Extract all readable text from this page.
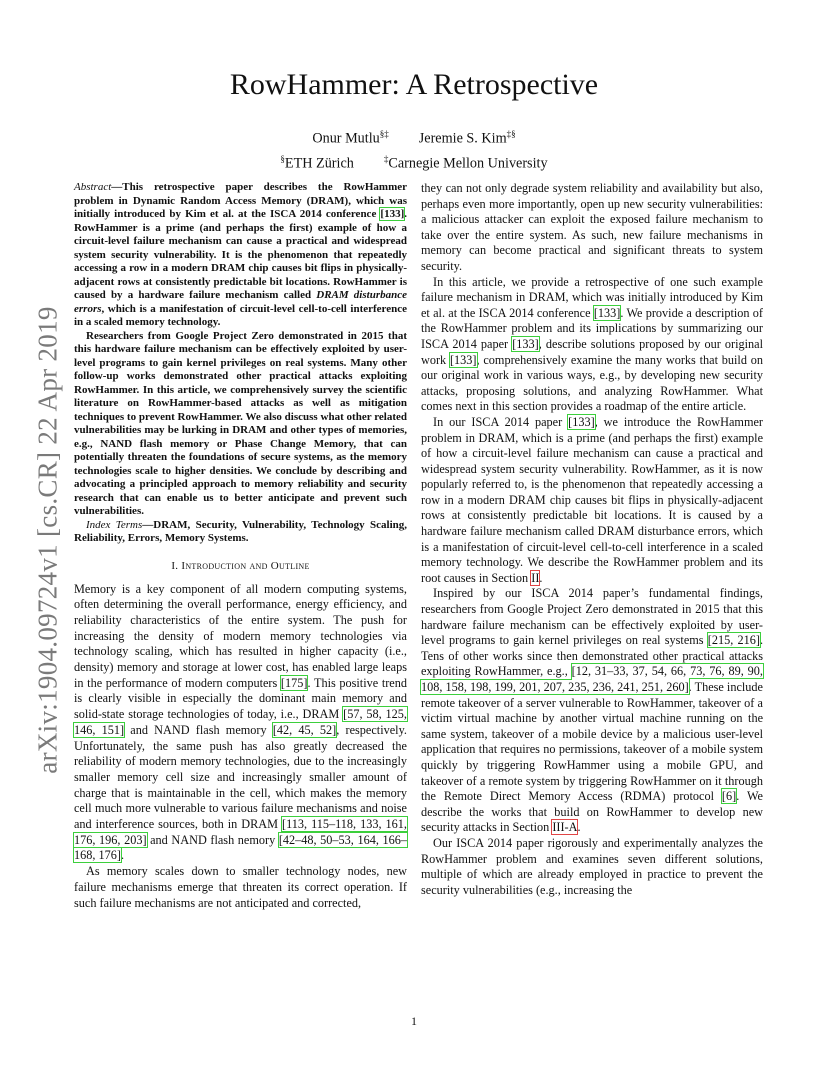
arXiv:1904.09724v1 [cs.CR] 22 Apr 2019
RowHammer: A Retrospective
Onur Mutlu§‡ Jeremie S. Kim‡§
§ETH Zürich	‡Carnegie Mellon University

Abstract—This retrospective paper describes the RowHammer problem in Dynamic Random Access Memory (DRAM), which was initially introduced by Kim et al. at the ISCA 2014 conference [133]. RowHammer is a prime (and perhaps the first) example of how a circuit-level failure mechanism can cause a practical and widespread system security vulnerability. It is the phenomenon that repeatedly accessing a row in a modern DRAM chip causes bit flips in physically-adjacent rows at consistently predictable bit locations. RowHammer is caused by a hardware failure mechanism called DRAM disturbance errors, which is a manifestation of circuit-level cell-to-cell interference in a scaled memory technology.

Researchers from Google Project Zero demonstrated in 2015 that this hardware failure mechanism can be effectively exploited by user-level programs to gain kernel privileges on real systems. Many other follow-up works demonstrated other practical attacks exploiting RowHammer. In this article, we comprehensively survey the scientific literature on RowHammer-based attacks as well as mitigation techniques to prevent RowHammer. We also discuss what other related vulnerabilities may be lurking in DRAM and other types of memories, e.g., NAND flash memory or Phase Change Memory, that can potentially threaten the foundations of secure systems, as the memory technologies scale to higher densities. We conclude by describing and advocating a principled approach to memory reliability and security research that can enable us to better anticipate and prevent such vulnerabilities.

Index Terms—DRAM, Security, Vulnerability, Technology Scaling, Reliability, Errors, Memory Systems.

I. Introduction and Outline

Memory is a key component of all modern computing systems, often determining the overall performance, energy efficiency, and reliability characteristics of the entire system. The push for increasing the density of modern memory technologies via technology scaling, which has resulted in higher capacity (i.e., density) memory and storage at lower cost, has enabled large leaps in the performance of modern computers [175]. This positive trend is clearly visible in especially the dominant main memory and solid-state storage technologies of today, i.e., DRAM [57, 58, 125, 146, 151] and NAND flash memory [42, 45, 52], respectively. Unfortunately, the same push has also greatly decreased the reliability of modern memory technologies, due to the increasingly smaller memory cell size and increasingly smaller amount of charge that is maintainable in the cell, which makes the memory cell much more vulnerable to various failure mechanisms and noise and interference sources, both in DRAM [113, 115–118, 133, 161, 176, 196, 203] and NAND flash nemory [42–48, 50–53, 164, 166–168, 176].

As memory scales down to smaller technology nodes, new failure mechanisms emerge that threaten its correct operation. If such failure mechanisms are not anticipated and corrected,

they can not only degrade system reliability and availability but also, perhaps even more importantly, open up new security vulnerabilities: a malicious attacker can exploit the exposed failure mechanism to take over the entire system. As such, new failure mechanisms in memory can become practical and significant threats to system security.

In this article, we provide a retrospective of one such example failure mechanism in DRAM, which was initially introduced by Kim et al. at the ISCA 2014 conference [133]. We provide a description of the RowHammer problem and its implications by summarizing our ISCA 2014 paper [133], describe solutions proposed by our original work [133], comprehensively examine the many works that build on our original work in various ways, e.g., by developing new security attacks, proposing solutions, and analyzing RowHammer. What comes next in this section provides a roadmap of the entire article.

In our ISCA 2014 paper [133], we introduce the RowHammer problem in DRAM, which is a prime (and perhaps the first) example of how a circuit-level failure mechanism can cause a practical and widespread system security vulnerability. RowHammer, as it is now popularly referred to, is the phenomenon that repeatedly accessing a row in a modern DRAM chip causes bit flips in physically-adjacent rows at consistently predictable bit locations. It is caused by a hardware failure mechanism called DRAM disturbance errors, which is a manifestation of circuit-level cell-to-cell interference in a scaled memory technology. We describe the RowHammer problem and its root causes in Section II.

Inspired by our ISCA 2014 paper’s fundamental findings, researchers from Google Project Zero demonstrated in 2015 that this hardware failure mechanism can be effectively exploited by user-level programs to gain kernel privileges on real systems [215, 216]. Tens of other works since then demonstrated other practical attacks exploiting RowHammer, e.g., [12, 31–33, 37, 54, 66, 73, 76, 89, 90, 108, 158, 198, 199, 201, 207, 235, 236, 241, 251, 260]. These include remote takeover of a server vulnerable to RowHammer, takeover of a victim virtual machine by another virtual machine running on the same system, takeover of a mobile device by a malicious user-level application that requires no permissions, takeover of a mobile system quickly by triggering RowHammer using a mobile GPU, and takeover of a remote system by triggering RowHammer on it through the Remote Direct Memory Access (RDMA) protocol [6]. We describe the works that build on RowHammer to develop new security attacks in Section III-A.

Our ISCA 2014 paper rigorously and experimentally analyzes the RowHammer problem and examines seven different solutions, multiple of which are already employed in practice to prevent the security vulnerabilities (e.g., increasing the

1
